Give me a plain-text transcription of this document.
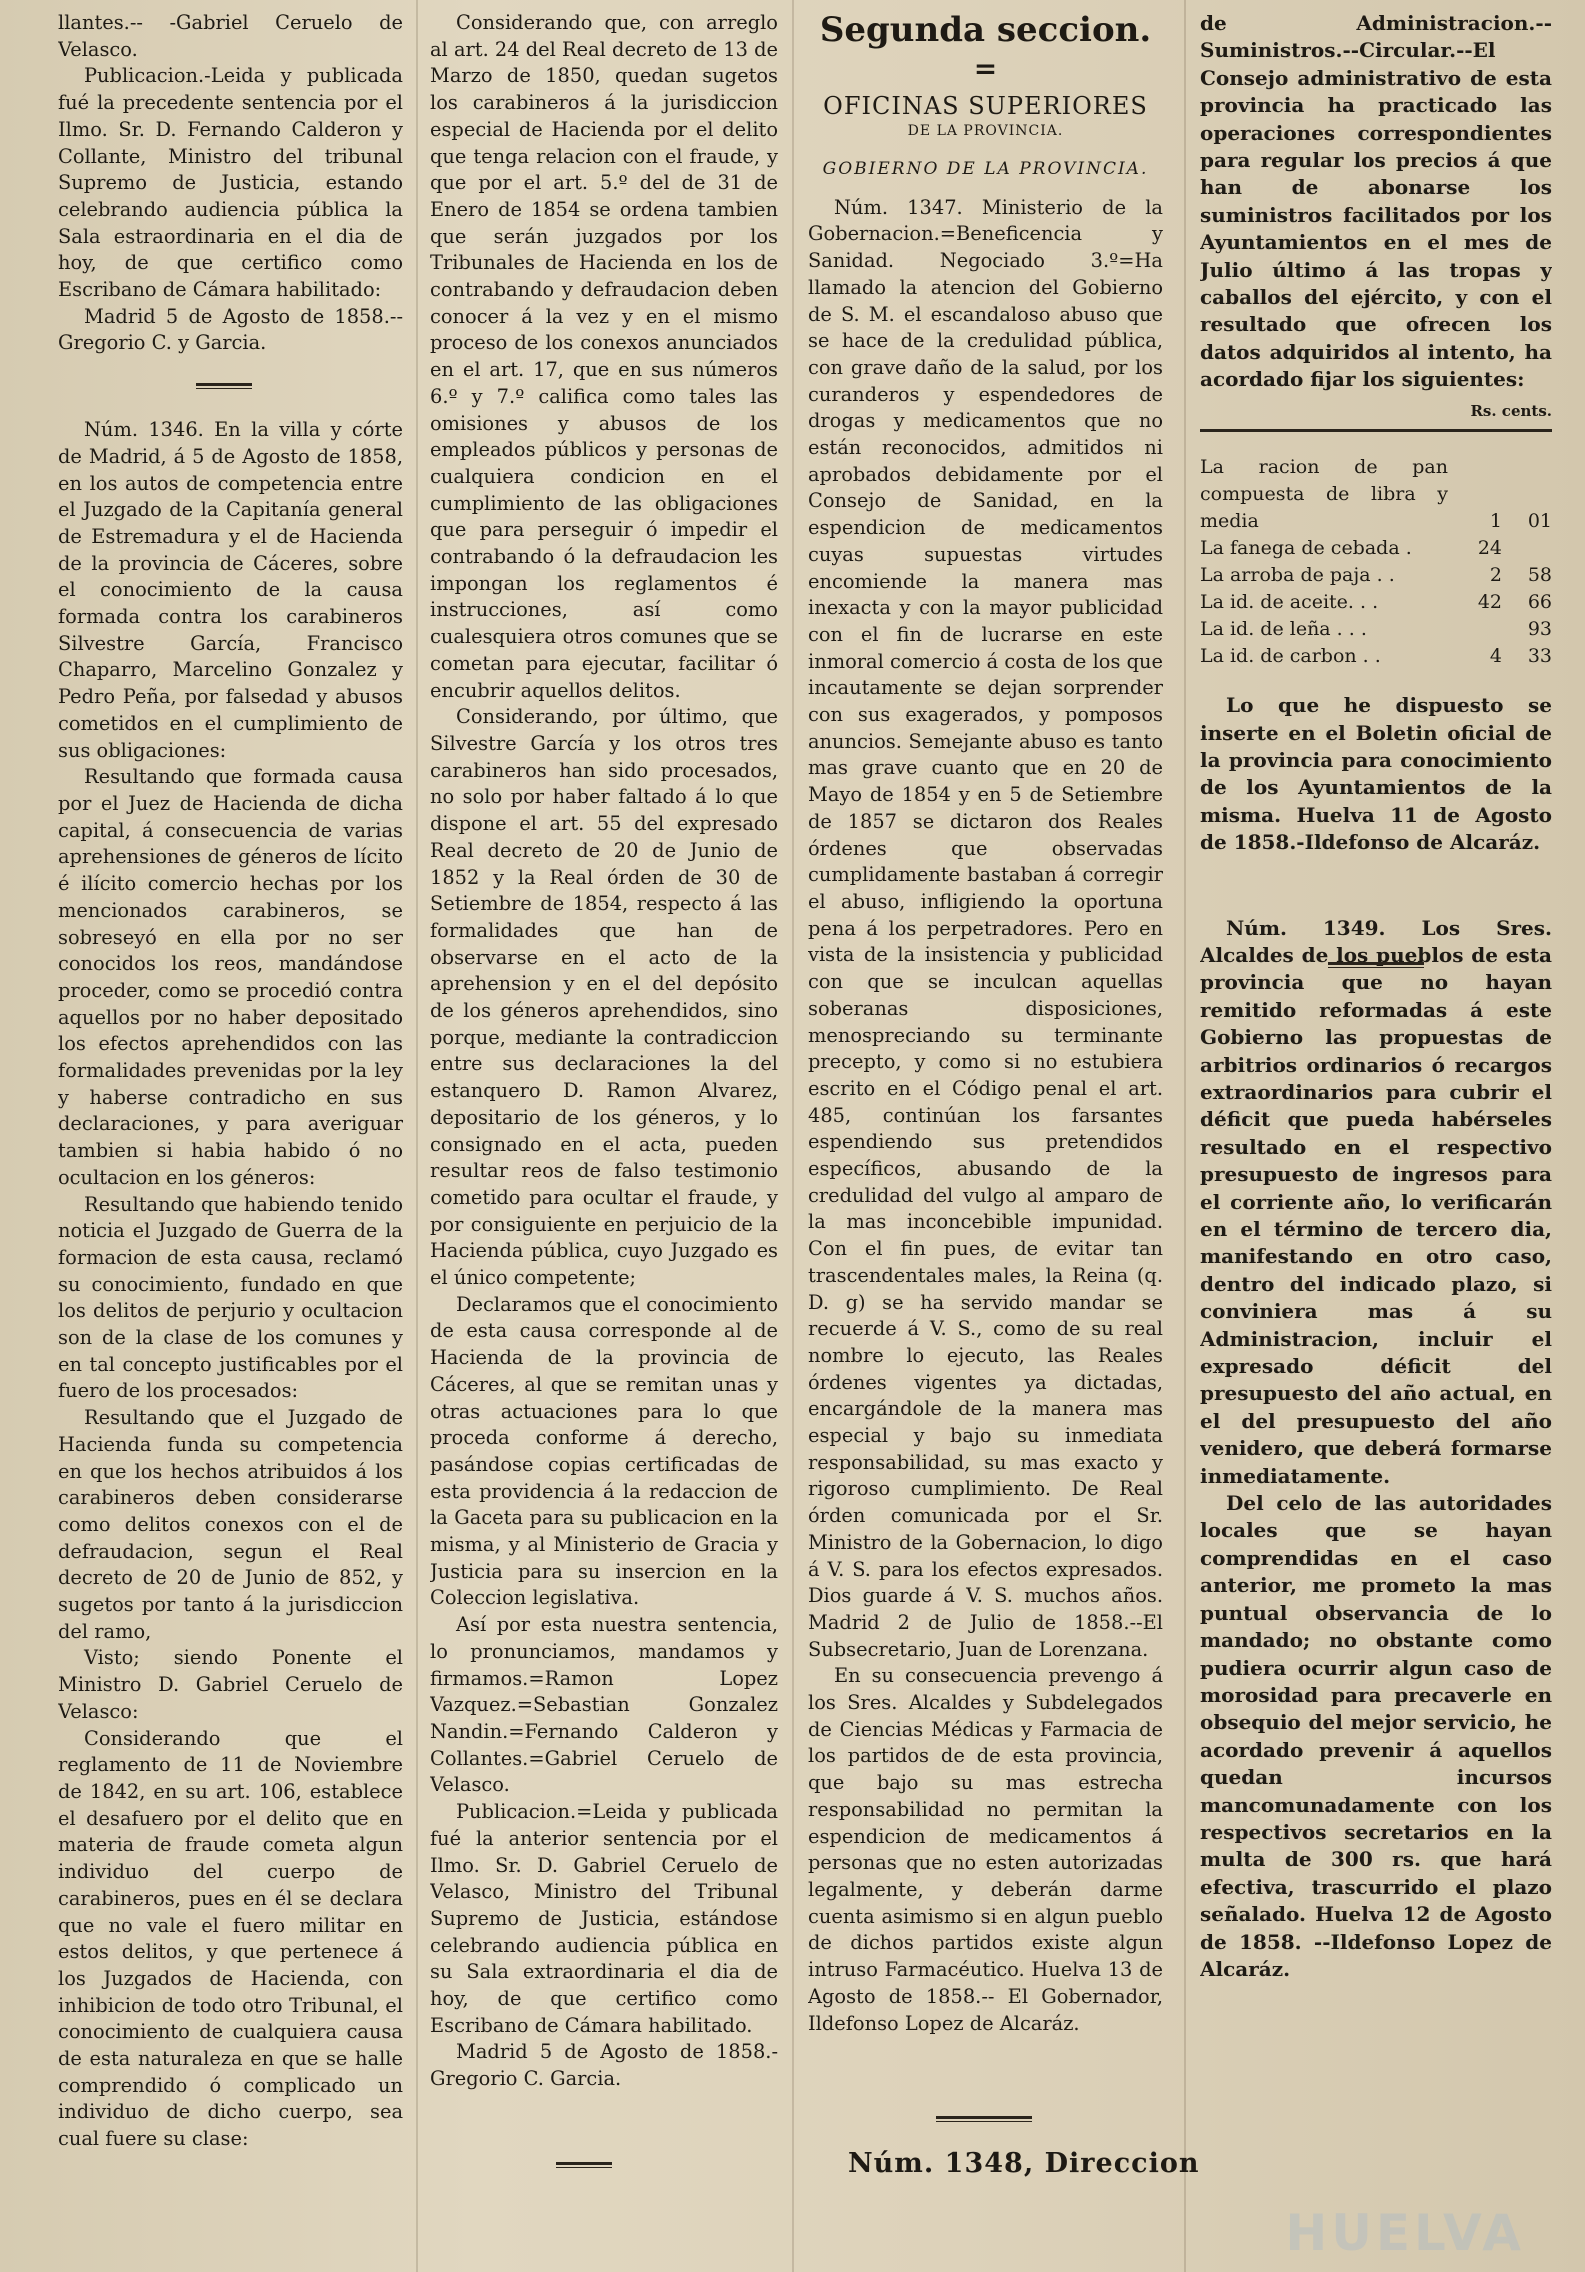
llantes.-- -Gabriel Ceruelo de Velasco.

Publicacion.-Leida y publicada fué la precedente sentencia por el Ilmo. Sr. D. Fernando Calderon y Collante, Ministro del tribunal Supremo de Justicia, estando celebrando audiencia pública la Sala estraordinaria en el dia de hoy, de que certifico como Escribano de Cámara habilitado:

Madrid 5 de Agosto de 1858.-- Gregorio C. y Garcia.

Núm. 1346. En la villa y córte de Madrid, á 5 de Agosto de 1858, en los autos de competencia entre el Juzgado de la Capitanía general de Estremadura y el de Hacienda de la provincia de Cáceres, sobre el conocimiento de la causa formada contra los carabineros Silvestre García, Francisco Chaparro, Marcelino Gonzalez y Pedro Peña, por falsedad y abusos cometidos en el cumplimiento de sus obligaciones:

Resultando que formada causa por el Juez de Hacienda de dicha capital, á consecuencia de varias aprehensiones de géneros de lícito é ilícito comercio hechas por los mencionados carabineros, se sobreseyó en ella por no ser conocidos los reos, mandándose proceder, como se procedió contra aquellos por no haber depositado los efectos aprehendidos con las formalidades prevenidas por la ley y haberse contradicho en sus declaraciones, y para averiguar tambien si habia habido ó no ocultacion en los géneros:

Resultando que habiendo tenido noticia el Juzgado de Guerra de la formacion de esta causa, reclamó su conocimiento, fundado en que los delitos de perjurio y ocultacion son de la clase de los comunes y en tal concepto justificables por el fuero de los procesados:

Resultando que el Juzgado de Hacienda funda su competencia en que los hechos atribuidos á los carabineros deben considerarse como delitos conexos con el de defraudacion, segun el Real decreto de 20 de Junio de 852, y sugetos por tanto á la jurisdiccion del ramo,

Visto; siendo Ponente el Ministro D. Gabriel Ceruelo de Velasco:

Considerando que el reglamento de 11 de Noviembre de 1842, en su art. 106, establece el desafuero por el delito que en materia de fraude cometa algun individuo del cuerpo de carabineros, pues en él se declara que no vale el fuero militar en estos delitos, y que pertenece á los Juzgados de Hacienda, con inhibicion de todo otro Tribunal, el conocimiento de cualquiera causa de esta naturaleza en que se halle comprendido ó complicado un individuo de dicho cuerpo, sea cual fuere su clase:

Considerando que, con arreglo al art. 24 del Real decreto de 13 de Marzo de 1850, quedan sugetos los carabineros á la jurisdiccion especial de Hacienda por el delito que tenga relacion con el fraude, y que por el art. 5.º del de 31 de Enero de 1854 se ordena tambien que serán juzgados por los Tribunales de Hacienda en los de contrabando y defraudacion deben conocer á la vez y en el mismo proceso de los conexos anunciados en el art. 17, que en sus números 6.º y 7.º califica como tales las omisiones y abusos de los empleados públicos y personas de cualquiera condicion en el cumplimiento de las obligaciones que para perseguir ó impedir el contrabando ó la defraudacion les impongan los reglamentos é instrucciones, así como cualesquiera otros comunes que se cometan para ejecutar, facilitar ó encubrir aquellos delitos.

Considerando, por último, que Silvestre García y los otros tres carabineros han sido procesados, no solo por haber faltado á lo que dispone el art. 55 del expresado Real decreto de 20 de Junio de 1852 y la Real órden de 30 de Setiembre de 1854, respecto á las formalidades que han de observarse en el acto de la aprehension y en el del depósito de los géneros aprehendidos, sino porque, mediante la contradiccion entre sus declaraciones la del estanquero D. Ramon Alvarez, depositario de los géneros, y lo consignado en el acta, pueden resultar reos de falso testimonio cometido para ocultar el fraude, y por consiguiente en perjuicio de la Hacienda pública, cuyo Juzgado es el único competente;

Declaramos que el conocimiento de esta causa corresponde al de Hacienda de la provincia de Cáceres, al que se remitan unas y otras actuaciones para lo que proceda conforme á derecho, pasándose copias certificadas de esta providencia á la redaccion de la Gaceta para su publicacion en la misma, y al Ministerio de Gracia y Justicia para su insercion en la Coleccion legislativa.

Así por esta nuestra sentencia, lo pronunciamos, mandamos y firmamos.=Ramon Lopez Vazquez.=Sebastian Gonzalez Nandin.=Fernando Calderon y Collantes.=Gabriel Ceruelo de Velasco.

Publicacion.=Leida y publicada fué la anterior sentencia por el Ilmo. Sr. D. Gabriel Ceruelo de Velasco, Ministro del Tribunal Supremo de Justicia, estándose celebrando audiencia pública en su Sala extraordinaria el dia de hoy, de que certifico como Escribano de Cámara habilitado.

Madrid 5 de Agosto de 1858.- Gregorio C. Garcia.

Segunda seccion.
=
OFICINAS SUPERIORES
DE LA PROVINCIA.
GOBIERNO DE LA PROVINCIA.

Núm. 1347. Ministerio de la Gobernacion.=Beneficencia y Sanidad. Negociado 3.º=Ha llamado la atencion del Gobierno de S. M. el escandaloso abuso que se hace de la credulidad pública, con grave daño de la salud, por los curanderos y espendedores de drogas y medicamentos que no están reconocidos, admitidos ni aprobados debidamente por el Consejo de Sanidad, en la espendicion de medicamentos cuyas supuestas virtudes encomiende la manera mas inexacta y con la mayor publicidad con el fin de lucrarse en este inmoral comercio á costa de los que incautamente se dejan sorprender con sus exagerados, y pomposos anuncios. Semejante abuso es tanto mas grave cuanto que en 20 de Mayo de 1854 y en 5 de Setiembre de 1857 se dictaron dos Reales órdenes que observadas cumplidamente bastaban á corregir el abuso, infligiendo la oportuna pena á los perpetradores. Pero en vista de la insistencia y publicidad con que se inculcan aquellas soberanas disposiciones, menospreciando su terminante precepto, y como si no estubiera escrito en el Código penal el art. 485, continúan los farsantes espendiendo sus pretendidos específicos, abusando de la credulidad del vulgo al amparo de la mas inconcebible impunidad. Con el fin pues, de evitar tan trascendentales males, la Reina (q. D. g) se ha servido mandar se recuerde á V. S., como de su real nombre lo ejecuto, las Reales órdenes vigentes ya dictadas, encargándole de la manera mas especial y bajo su inmediata responsabilidad, su mas exacto y rigoroso cumplimiento. De Real órden comunicada por el Sr. Ministro de la Gobernacion, lo digo á V. S. para los efectos expresados. Dios guarde á V. S. muchos años. Madrid 2 de Julio de 1858.--El Subsecretario, Juan de Lorenzana.

En su consecuencia prevengo á los Sres. Alcaldes y Subdelegados de Ciencias Médicas y Farmacia de los partidos de de esta provincia, que bajo su mas estrecha responsabilidad no permitan la espendicion de medicamentos á personas que no esten autorizadas legalmente, y deberán darme cuenta asimismo si en algun pueblo de dichos partidos existe algun intruso Farmacéutico. Huelva 13 de Agosto de 1858.-- El Gobernador, Ildefonso Lopez de Alcaráz.

Núm. 1348, Direccion

de Administracion.--Suministros.--Circular.--El Consejo administrativo de esta provincia ha practicado las operaciones correspondientes para regular los precios á que han de abonarse los suministros facilitados por los Ayuntamientos en el mes de Julio último á las tropas y caballos del ejército, y con el resultado que ofrecen los datos adquiridos al intento, ha acordado fijar los siguientes:

Rs. cents.
La racion de pan compuesta de libra y media	1	01
La fanega de cebada .	24	
La arroba de paja . .	2	58
La id. de aceite. . .	42	66
La id. de leña . . .		93
La id. de carbon . .	4	33

Lo que he dispuesto se inserte en el Boletin oficial de la provincia para conocimiento de los Ayuntamientos de la misma. Huelva 11 de Agosto de 1858.-Ildefonso de Alcaráz.

Núm. 1349. Los Sres. Alcaldes de los pueblos de esta provincia que no hayan remitido reformadas á este Gobierno las propuestas de arbitrios ordinarios ó recargos extraordinarios para cubrir el déficit que pueda habérseles resultado en el respectivo presupuesto de ingresos para el corriente año, lo verificarán en el término de tercero dia, manifestando en otro caso, dentro del indicado plazo, si conviniera mas á su Administracion, incluir el expresado déficit del presupuesto del año actual, en el del presupuesto del año venidero, que deberá formarse inmediatamente.

Del celo de las autoridades locales que se hayan comprendidas en el caso anterior, me prometo la mas puntual observancia de lo mandado; no obstante como pudiera ocurrir algun caso de morosidad para precaverle en obsequio del mejor servicio, he acordado prevenir á aquellos quedan incursos mancomunadamente con los respectivos secretarios en la multa de 300 rs. que hará efectiva, trascurrido el plazo señalado. Huelva 12 de Agosto de 1858. --Ildefonso Lopez de Alcaráz.

HUELVA
